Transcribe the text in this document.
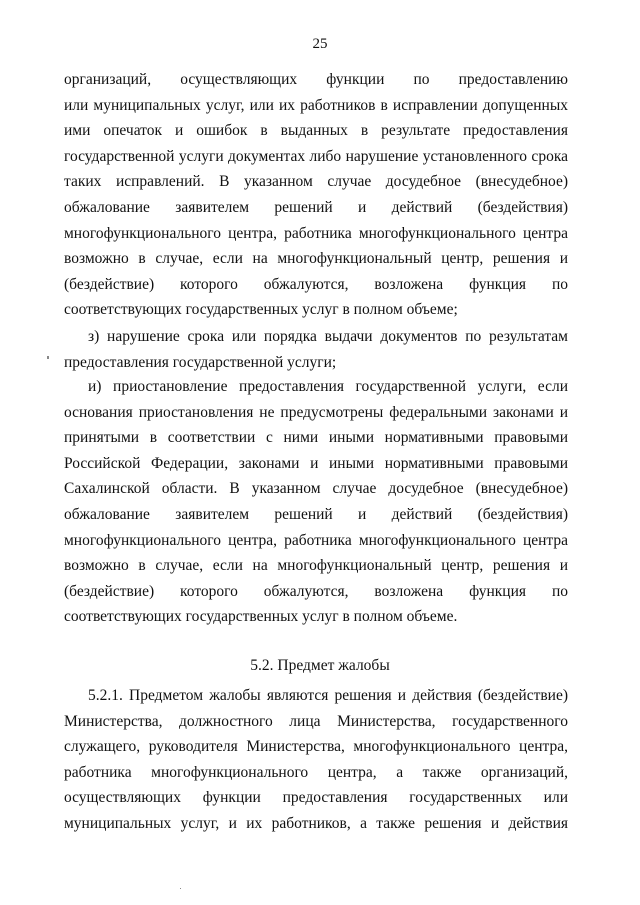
25
организаций, осуществляющих функции по предоставлению
или муниципальных услуг, или их работников в исправлении допущенных
ими опечаток и ошибок в выданных в результате предоставления
государственной услуги документах либо нарушение установленного срока
таких исправлений. В указанном случае досудебное (внесудебное)
обжалование заявителем решений и действий (бездействия)
многофункционального центра, работника многофункционального центра
возможно в случае, если на многофункциональный центр, решения и
(бездействие) которого обжалуются, возложена функция по
соответствующих государственных услуг в полном объеме;
з) нарушение срока или порядка выдачи документов по результатам
предоставления государственной услуги;
и) приостановление предоставления государственной услуги, если
основания приостановления не предусмотрены федеральными законами и
принятыми в соответствии с ними иными нормативными правовыми
Российской Федерации, законами и иными нормативными правовыми
Сахалинской области. В указанном случае досудебное (внесудебное)
обжалование заявителем решений и действий (бездействия)
многофункционального центра, работника многофункционального центра
возможно в случае, если на многофункциональный центр, решения и
(бездействие) которого обжалуются, возложена функция по
соответствующих государственных услуг в полном объеме.
5.2. Предмет жалобы
5.2.1. Предметом жалобы являются решения и действия (бездействие)
Министерства, должностного лица Министерства, государственного
служащего, руководителя Министерства, многофункционального центра,
работника многофункционального центра, а также организаций,
осуществляющих функции предоставления государственных или
муниципальных услуг, и их работников, а также решения и действия
